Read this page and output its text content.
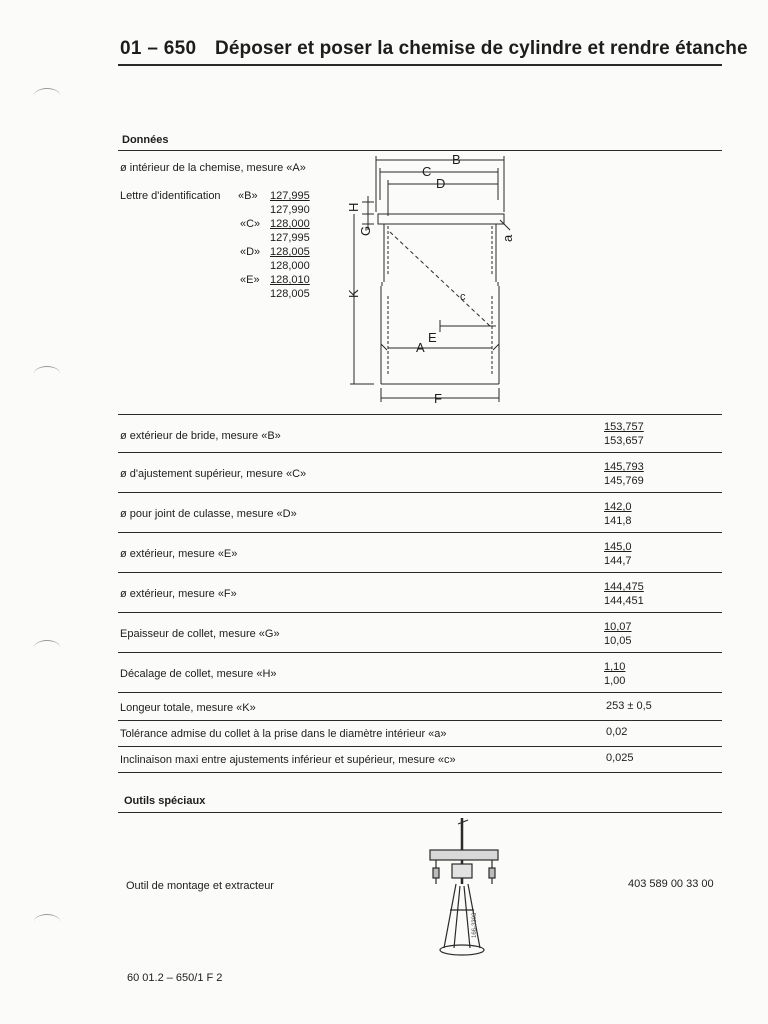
01 – 650 Déposer et poser la chemise de cylindre et rendre étanche
Données
ø intérieur de la chemise, mesure «A»
Lettre d'identification «B» 127,995
127,990
«C» 128,000
127,995
«D» 128,005
128,000
«E» 128,010
128,005
B
C
D
H
G
a
K	c
E
A
F
ø extérieur de bride, mesure «B»
153,757
153,657
ø d'ajustement supérieur, mesure «C»
145,793
145,769
ø pour joint de culasse, mesure «D»
142,0
141,8
ø extérieur, mesure «E»
145,0
144,7
ø extérieur, mesure «F»
144,475
144,451
Epaisseur de collet, mesure «G»
10,07
10,05
Décalage de collet, mesure «H»
1,10
1,00
Longeur totale, mesure «K»	253 ± 0,5
Tolérance admise du collet à la prise dans le diamètre intérieur «a»	0,02
Inclinaison maxi entre ajustements inférieur et supérieur, mesure «c»	0,025
Outils spéciaux
Outil de montage et extracteur	403 589 00 33 00
166-3303
60 01.2 – 650/1 F 2
